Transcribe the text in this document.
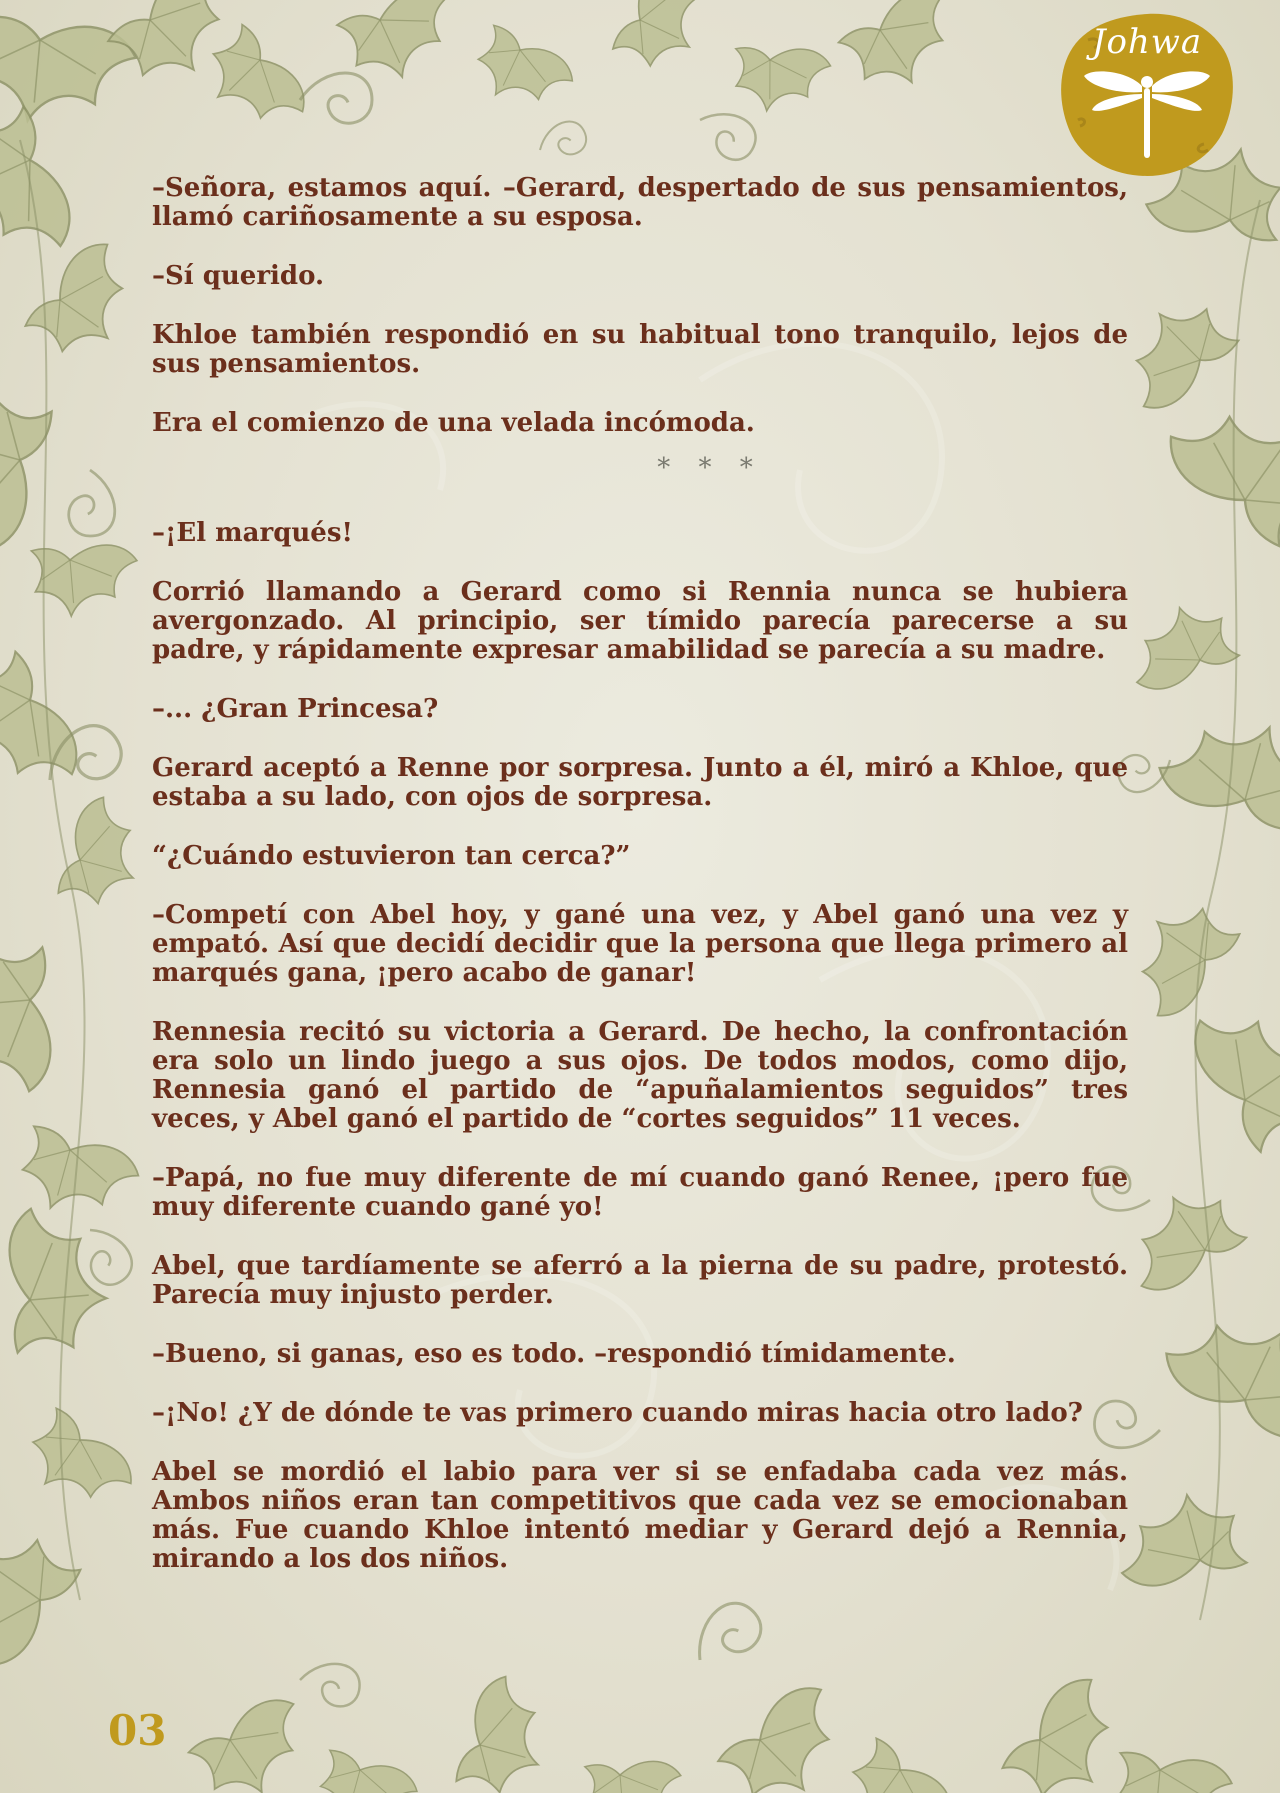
Johwa

–Señora, estamos aquí. –Gerard, despertado de sus pensamientos, llamó cariñosamente a su esposa.

–Sí querido.

Khloe también respondió en su habitual tono tranquilo, lejos de sus pensamientos.

Era el comienzo de una velada incómoda.

* * *

–¡El marqués!

Corrió llamando a Gerard como si Rennia nunca se hubiera avergonzado. Al principio, ser tímido parecía parecerse a su padre, y rápidamente expresar amabilidad se parecía a su madre.

–... ¿Gran Princesa?

Gerard aceptó a Renne por sorpresa. Junto a él, miró a Khloe, que estaba a su lado, con ojos de sorpresa.

“¿Cuándo estuvieron tan cerca?”

–Competí con Abel hoy, y gané una vez, y Abel ganó una vez y empató. Así que decidí decidir que la persona que llega primero al marqués gana, ¡pero acabo de ganar!

Rennesia recitó su victoria a Gerard. De hecho, la confrontación era solo un lindo juego a sus ojos. De todos modos, como dijo, Rennesia ganó el partido de “apuñalamientos seguidos” tres veces, y Abel ganó el partido de “cortes seguidos” 11 veces.

–Papá, no fue muy diferente de mí cuando ganó Renee, ¡pero fue muy diferente cuando gané yo!

Abel, que tardíamente se aferró a la pierna de su padre, protestó. Parecía muy injusto perder.

–Bueno, si ganas, eso es todo. –respondió tímidamente.

–¡No! ¿Y de dónde te vas primero cuando miras hacia otro lado?

Abel se mordió el labio para ver si se enfadaba cada vez más. Ambos niños eran tan competitivos que cada vez se emocionaban más. Fue cuando Khloe intentó mediar y Gerard dejó a Rennia, mirando a los dos niños.

03
